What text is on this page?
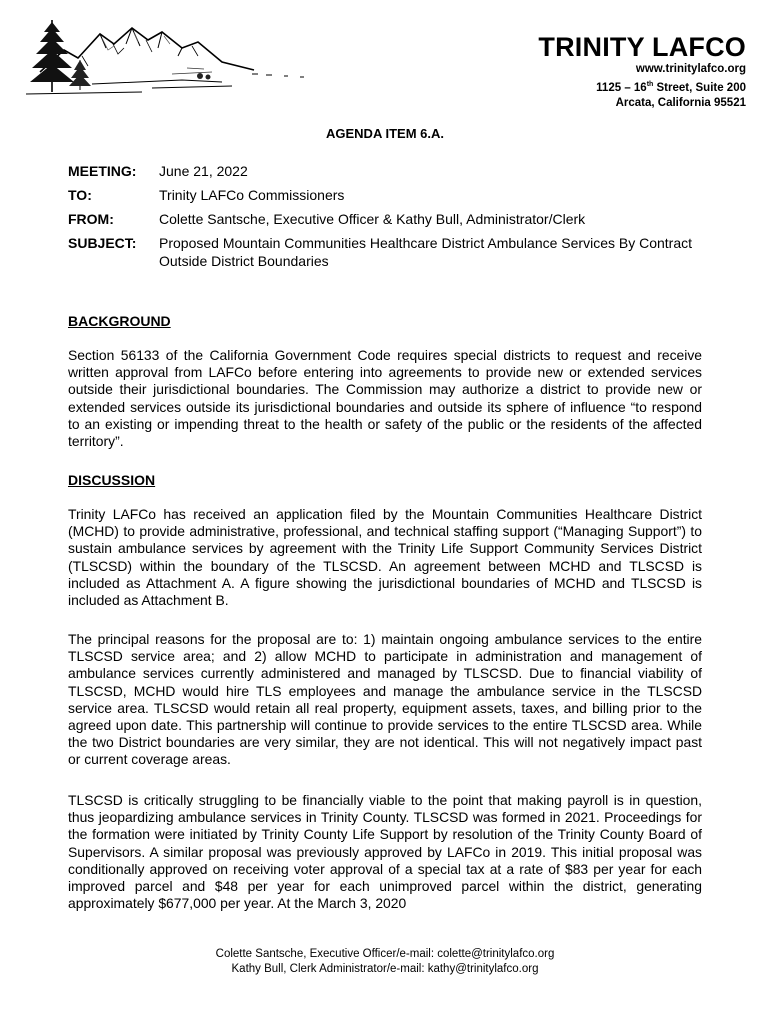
TRINITY LAFCO
www.trinitylafco.org
1125 – 16th Street, Suite 200
Arcata, California 95521
AGENDA ITEM 6.A.
MEETING:	June 21, 2022
TO:	Trinity LAFCo Commissioners
FROM:	Colette Santsche, Executive Officer & Kathy Bull, Administrator/Clerk
SUBJECT:	Proposed Mountain Communities Healthcare District Ambulance Services By Contract Outside District Boundaries
BACKGROUND
Section 56133 of the California Government Code requires special districts to request and receive written approval from LAFCo before entering into agreements to provide new or extended services outside their jurisdictional boundaries. The Commission may authorize a district to provide new or extended services outside its jurisdictional boundaries and outside its sphere of influence “to respond to an existing or impending threat to the health or safety of the public or the residents of the affected territory”.
DISCUSSION
Trinity LAFCo has received an application filed by the Mountain Communities Healthcare District (MCHD) to provide administrative, professional, and technical staffing support (“Managing Support”) to sustain ambulance services by agreement with the Trinity Life Support Community Services District (TLSCSD) within the boundary of the TLSCSD. An agreement between MCHD and TLSCSD is included as Attachment A. A figure showing the jurisdictional boundaries of MCHD and TLSCSD is included as Attachment B.
The principal reasons for the proposal are to: 1) maintain ongoing ambulance services to the entire TLSCSD service area; and 2) allow MCHD to participate in administration and management of ambulance services currently administered and managed by TLSCSD. Due to financial viability of TLSCSD, MCHD would hire TLS employees and manage the ambulance service in the TLSCSD service area. TLSCSD would retain all real property, equipment assets, taxes, and billing prior to the agreed upon date. This partnership will continue to provide services to the entire TLSCSD area. While the two District boundaries are very similar, they are not identical. This will not negatively impact past or current coverage areas.
TLSCSD is critically struggling to be financially viable to the point that making payroll is in question, thus jeopardizing ambulance services in Trinity County. TLSCSD was formed in 2021. Proceedings for the formation were initiated by Trinity County Life Support by resolution of the Trinity County Board of Supervisors. A similar proposal was previously approved by LAFCo in 2019. This initial proposal was conditionally approved on receiving voter approval of a special tax at a rate of $83 per year for each improved parcel and $48 per year for each unimproved parcel within the district, generating approximately $677,000 per year. At the March 3, 2020
Colette Santsche, Executive Officer/e-mail: colette@trinitylafco.org
Kathy Bull, Clerk Administrator/e-mail: kathy@trinitylafco.org
